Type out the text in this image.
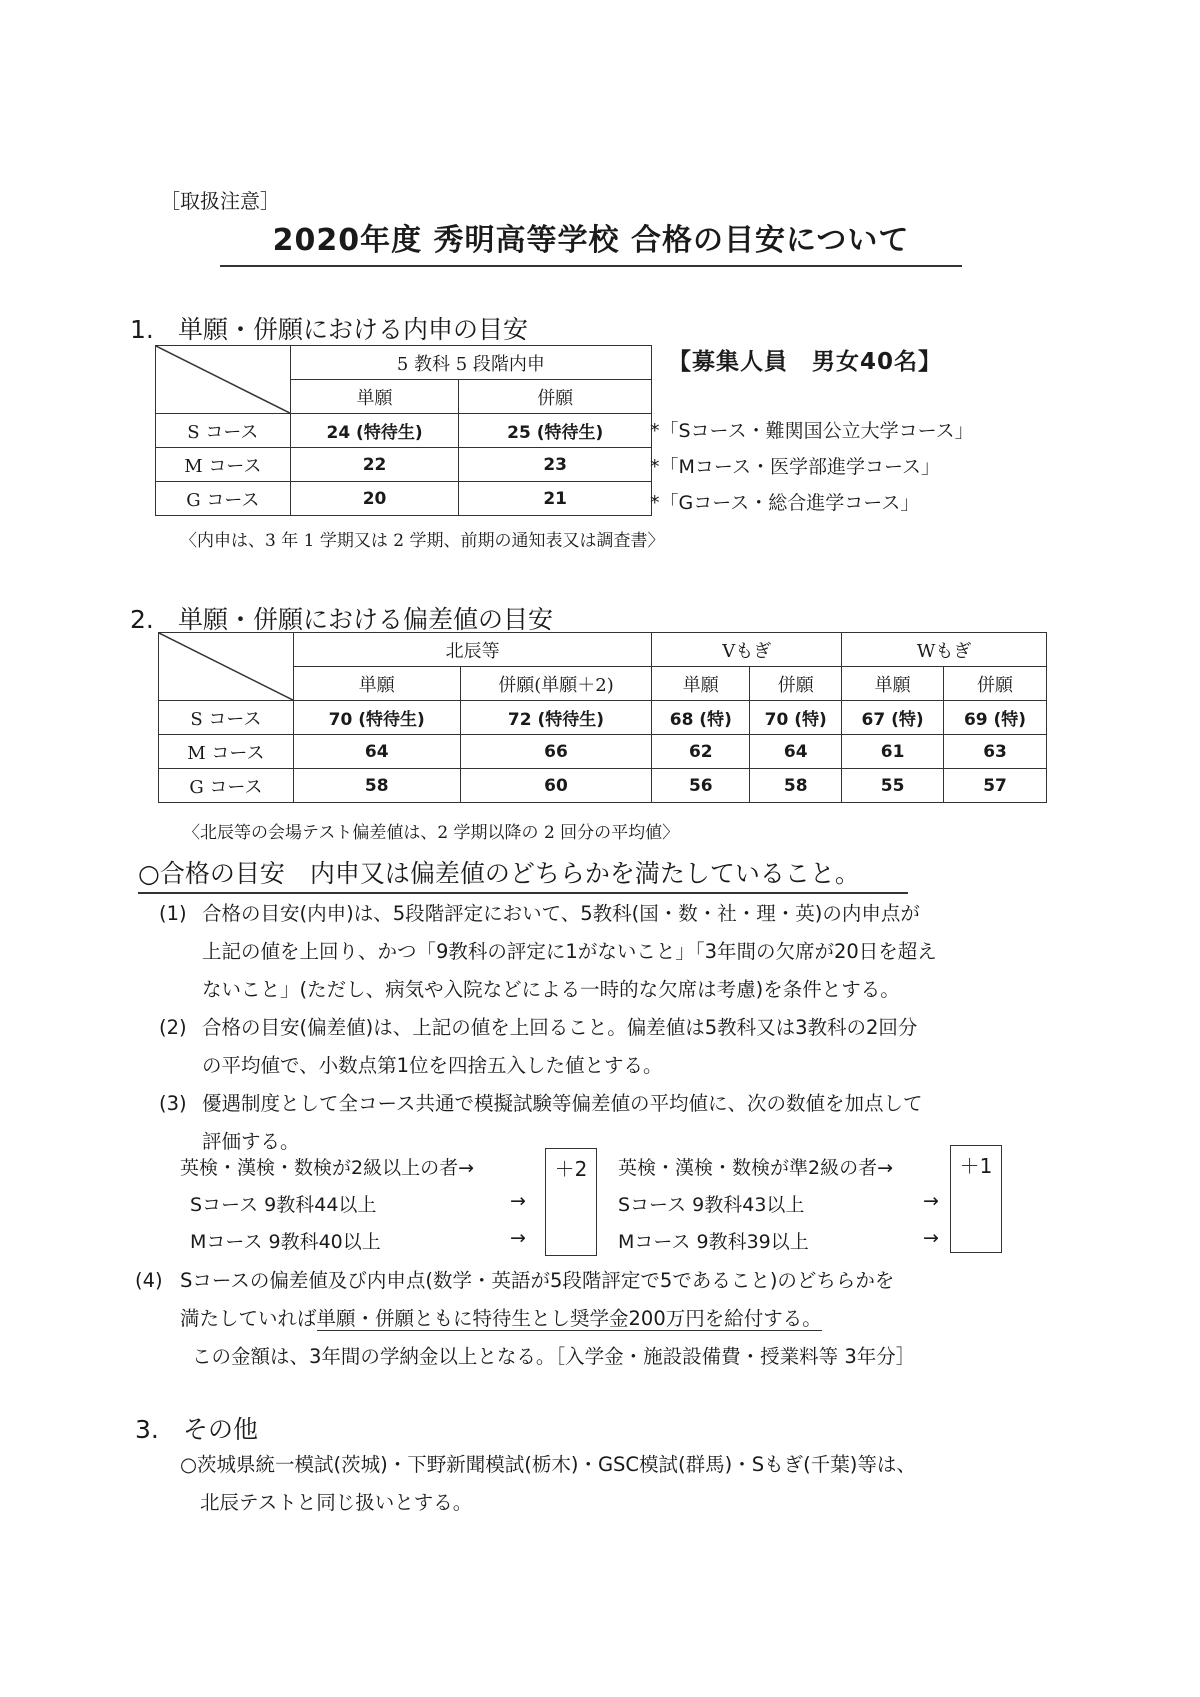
［取扱注意］
2020年度 秀明高等学校 合格の目安について
1. 単願・併願における内申の目安
	5 教科 5 段階内申	
	単願	併願
S コース	24 (特待生)	25 (特待生)
M コース	22	23
G コース	20	21
【募集人員　男女40名】
*「Sコース・難関国公立大学コース」
*「Mコース・医学部進学コース」
*「Gコース・総合進学コース」
〈内申は、3 年 1 学期又は 2 学期、前期の通知表又は調査書〉
2. 単願・併願における偏差値の目安
	北辰等		Vもぎ		Wもぎ	
	単願	併願(単願＋2)	単願	併願	単願	併願
S コース	70 (特待生)	72 (特待生)	68 (特)	70 (特)	67 (特)	69 (特)
M コース	64	66	62	64	61	63
G コース	58	60	56	58	55	57
〈北辰等の会場テスト偏差値は、2 学期以降の 2 回分の平均値〉
○合格の目安　内申又は偏差値のどちらかを満たしていること。
(1) 合格の目安(内申)は、5段階評定において、5教科(国・数・社・理・英)の内申点が
上記の値を上回り、かつ「9教科の評定に1がないこと」「3年間の欠席が20日を超え
ないこと」(ただし、病気や入院などによる一時的な欠席は考慮)を条件とする。
(2) 合格の目安(偏差値)は、上記の値を上回ること。偏差値は5教科又は3教科の2回分
の平均値で、小数点第1位を四捨五入した値とする。
(3) 優遇制度として全コース共通で模擬試験等偏差値の平均値に、次の数値を加点して
評価する。
英検・漢検・数検が2級以上の者→
Sコース 9教科44以上
Mコース 9教科40以上
→
→
＋2	英検・漢検・数検が準2級の者→
Sコース 9教科43以上
Mコース 9教科39以上
→
→
＋1
(4) Sコースの偏差値及び内申点(数学・英語が5段階評定で5であること)のどちらかを
満たしていれば単願・併願ともに特待生とし奨学金200万円を給付する。
この金額は、3年間の学納金以上となる。［入学金・施設設備費・授業料等 3年分］
3. その他
○茨城県統一模試(茨城)・下野新聞模試(栃木)・GSC模試(群馬)・Sもぎ(千葉)等は、
北辰テストと同じ扱いとする。
